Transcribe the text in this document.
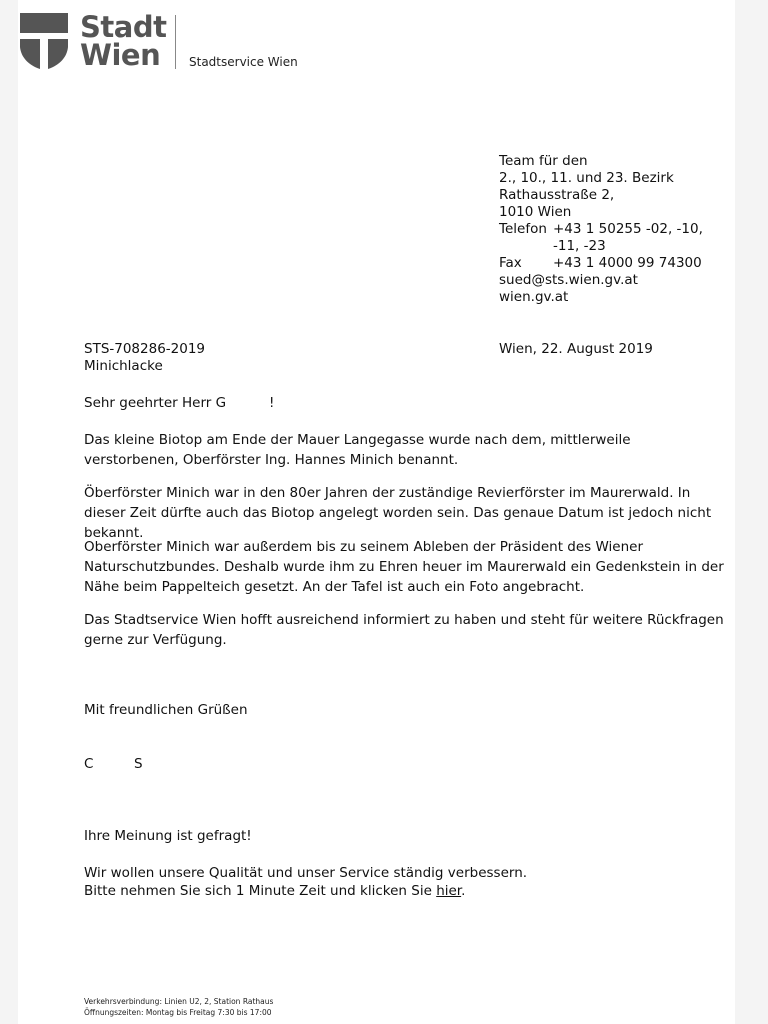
Stadt
Wien Stadtservice Wien
Team für den
2., 10., 11. und 23. Bezirk
Rathausstraße 2,
1010 Wien
Telefon +43 1 50255 -02, -10,
-11, -23
Fax	+43 1 4000 99 74300
sued@sts.wien.gv.at
wien.gv.at
STS-708286-2019
Minichlacke
Wien, 22. August 2019
Sehr geehrter Herr G	!
Das kleine Biotop am Ende der Mauer Langegasse wurde nach dem, mittlerweile verstorbenen, Oberförster Ing. Hannes Minich benannt.
Öberförster Minich war in den 80er Jahren der zuständige Revierförster im Maurerwald. In dieser Zeit dürfte auch das Biotop angelegt worden sein. Das genaue Datum ist jedoch nicht bekannt.
Oberförster Minich war außerdem bis zu seinem Ableben der Präsident des Wiener Naturschutzbundes. Deshalb wurde ihm zu Ehren heuer im Maurerwald ein Gedenkstein in der Nähe beim Pappelteich gesetzt. An der Tafel ist auch ein Foto angebracht.
Das Stadtservice Wien hofft ausreichend informiert zu haben und steht für weitere Rückfragen gerne zur Verfügung.
Mit freundlichen Grüßen
C	S
Ihre Meinung ist gefragt!
Wir wollen unsere Qualität und unser Service ständig verbessern.
Bitte nehmen Sie sich 1 Minute Zeit und klicken Sie hier.
Verkehrsverbindung: Linien U2, 2, Station Rathaus
Öffnungszeiten: Montag bis Freitag 7:30 bis 17:00
